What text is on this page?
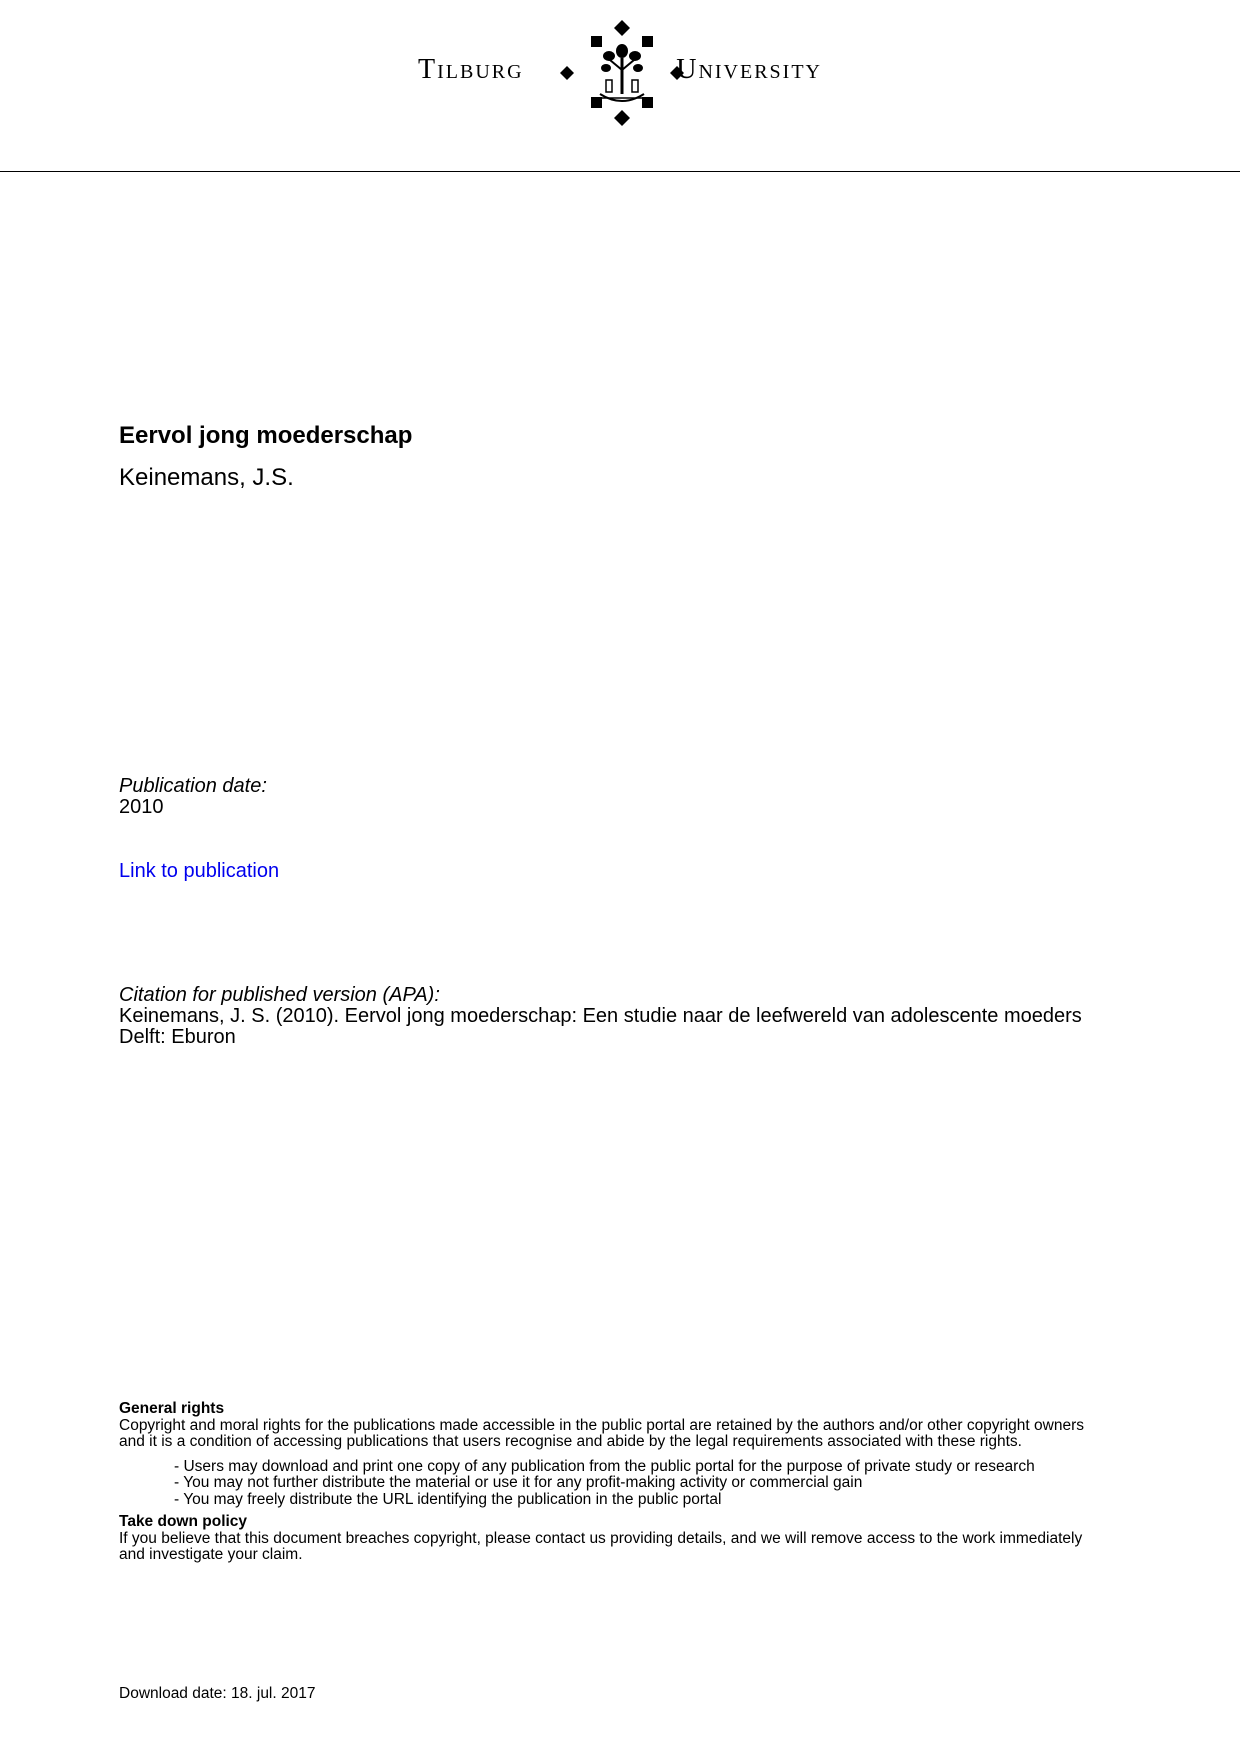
Tilburg	University
Eervol jong moederschap
Keinemans, J.S.
Publication date:
2010
Link to publication
Citation for published version (APA):
Keinemans, J. S. (2010). Eervol jong moederschap: Een studie naar de leefwereld van adolescente moeders
Delft: Eburon
General rights
Copyright and moral rights for the publications made accessible in the public portal are retained by the authors and/or other copyright owners
and it is a condition of accessing publications that users recognise and abide by the legal requirements associated with these rights.
- Users may download and print one copy of any publication from the public portal for the purpose of private study or research
- You may not further distribute the material or use it for any profit-making activity or commercial gain
- You may freely distribute the URL identifying the publication in the public portal
Take down policy
If you believe that this document breaches copyright, please contact us providing details, and we will remove access to the work immediately
and investigate your claim.
Download date: 18. jul. 2017
